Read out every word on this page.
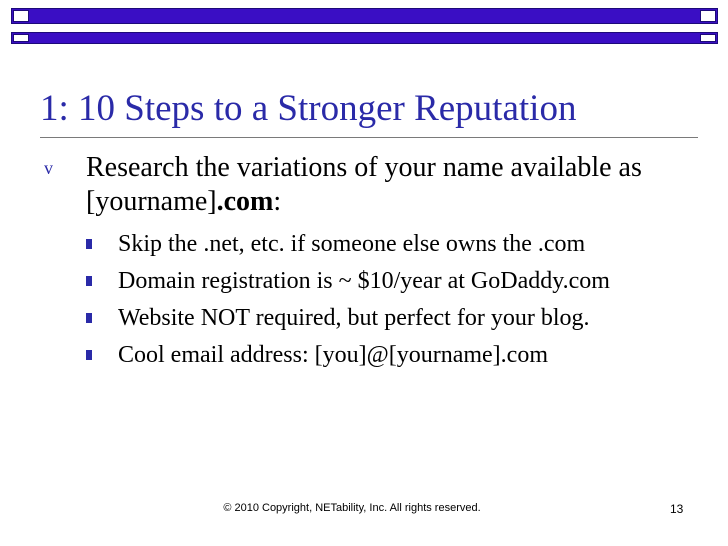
1: 10 Steps to a Stronger Reputation
v Research the variations of your name available as [yourname].com:
Skip the .net, etc. if someone else owns the .com
Domain registration is ~ $10/year at GoDaddy.com
Website NOT required, but perfect for your blog.
Cool email address: [you]@[yourname].com
© 2010 Copyright, NETability, Inc. All rights reserved.	13
